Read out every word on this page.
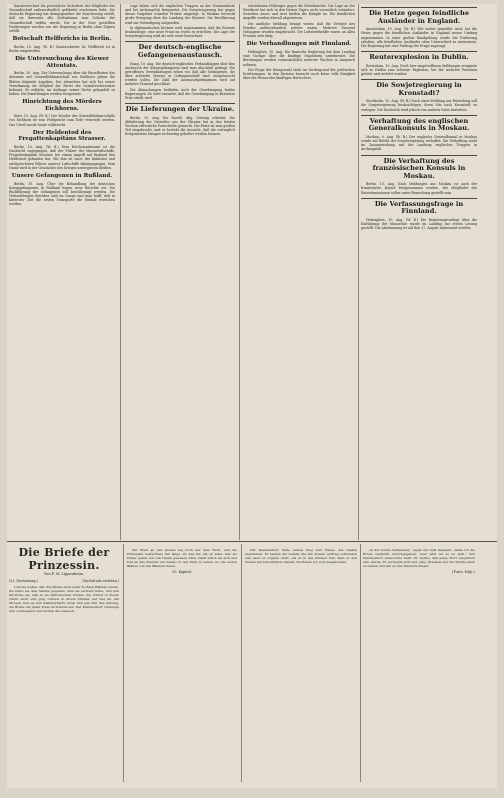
Kanzlerwechsel die persönliche Sicherheit der Mitglieder der Gesandtschaft außerordentlich gefährdet erscheinen ließe. Die deutsche Regierung hat demgegenüber die Zusicherung erteilt, daß sie ihrerseits alle Maßnahmen zum Schutze der Gesandtschaft treffen werde. Die in der Note gestellten Forderungen wurden von der Regierung in Berlin ohne Zögern erfüllt.

Botschaft Helfferichs in Berlin.

Berlin, 10. Aug. (W. B.) Staatssekretär Dr. Helfferich ist in Berlin eingetroffen.

Die Untersuchung des Kiewer Attentats.

Berlin, 10. Aug. Zur Untersuchung über die Einzelheiten des Attentats auf Generalfeldmarschall von Eichhorn geben die Blätter folgende Angaben. Der Attentäter hat sich bei seiner Vernehmung als Mitglied der Partei der Sozialrevolutionäre bekannt. Er erklärte, im Auftrage seiner Partei gehandelt zu haben. Die Ermittlungen werden fortgesetzt.

Hinrichtung des Mörders Eichhorns.

Kiew, 10. Aug. (W. B.) Der Mörder des Generalfeldmarschalls von Eichhorn ist vom Feldgericht zum Tode verurteilt worden. Das Urteil wurde heute vollstreckt.

Der Heldentod des Fregattenkapitäns Strasser.

Berlin, 10. Aug. (W. B.) Dem Reichsmarineamt ist die Nachricht zugegangen, daß der Führer der Marineluftschiffe, Fregattenkapitän Strasser, bei einem Angriff auf England den Heldentod gefunden hat. Mit ihm ist einer der kühnsten und erfolgreichsten Führer unserer Luftschiffe dahingegangen. Sein Name wird in der Geschichte des Krieges unvergessen bleiben.

Unsere Gefangenen in Rußland.

Berlin, 10. Aug. Über die Behandlung der deutschen Kriegsgefangenen in Rußland liegen neue Berichte vor. Die Rückführung der Gefangenen soll beschleunigt werden. Die Verhandlungen hierüber sind im Gange und man hofft, daß in kürzester Zeit die ersten Transporte die Heimat erreichen werden.

Lage haben sich die englischen Truppen an der Murmanküste und bei Archangelsk festgesetzt. Die Sowjetregierung hat gegen dieses Vorgehen scharfen Protest eingelegt. In Moskau herrscht große Erregung über die Landung der Entente. Die Bevölkerung wird zur Verteidigung aufgerufen.

In diplomatischen Kreisen wird angenommen, daß die Entente beabsichtige, eine neue Front im Osten zu errichten. Die Lage der Sowjetregierung wird als sehr ernst bezeichnet.

Der deutsch-englische Gefangenenaustausch.

Haag, 10. Aug. Die deutsch-englischen Verhandlungen über den Austausch der Kriegsgefangenen sind zum Abschluß gelangt. Die getroffenen Vereinbarungen sehen vor, daß alle Gefangenen, die über achtzehn Monate in Gefangenschaft sind, ausgetauscht werden sollen. Die Zahl der Austauschgefangenen wird auf mehrere Tausend geschätzt.

Die Abmachungen bedürfen noch der Genehmigung beider Regierungen. Es wird erwartet, daß die Genehmigung in kürzester Frist erteilt wird.

Die Lieferungen der Ukraine.

Berlin, 10. Aug. Die Nordd. Allg. Zeitung schreibt: Die Ablieferung des Getreides aus der Ukraine hat in den letzten Wochen erfreuliche Fortschritte gemacht. Die Ernte ist zum großen Teil eingebracht, und es besteht die Aussicht, daß die vertraglich festgesetzten Mengen rechtzeitig geliefert werden können.

schriebenen Feldzuges gegen die Mittelmächte. Die Lage an der Westfront hat sich in den letzten Tagen nicht wesentlich verändert. Zwischen Ancre und Avre hielten die Kämpfe an. Die feindlichen Angriffe wurden überall abgewiesen.

Die amtliche Meldung besagt weiter, daß die Verluste des Feindes außerordentlich schwer waren. Mehrere Tausend Gefangene wurden eingebracht. Die Luftstreitkräfte waren an allen Fronten sehr tätig.

Die Verhandlungen mit Finnland.

Helsingfors, 10. Aug. Die finnische Regierung hat dem Landtag eine Vorlage über die künftige Staatsform unterbreitet. Die Beratungen werden voraussichtlich mehrere Wochen in Anspruch nehmen.

Die Frage der Königswahl steht im Vordergrund der politischen Erörterungen. In den Parteien herrscht noch keine volle Einigkeit über die Person des künftigen Herrschers.

Die Hetze gegen feindliche Ausländer in England.

Amsterdam, 10. Aug. (W. B.) Wie weiter gemeldet wird, hat die Hetze gegen die feindlichen Ausländer in England neuen Umfang angenommen. In einer großen Kundgebung wurde die Forderung erhoben, alle feindlichen Ausländer ohne Unterschied zu internieren. Die Regierung hat eine Prüfung der Frage zugesagt.

Reuterexplosion in Dublin.

Rotterdam, 10. Aug. Nach hier eingetroffenen Meldungen ereignete sich in Dublin eine schwere Explosion, bei der mehrere Personen getötet und verletzt wurden.

Die Sowjetregierung in Kronstadt?

Stockholm, 10. Aug. (W. B.) Nach einer Meldung aus Petersburg soll die Sowjetregierung beabsichtigen, ihren Sitz nach Kronstadt zu verlegen. Die Nachricht wird jedoch von anderer Seite bestritten.

Verhaftung des englischen Generalkonsuls in Moskau.

Moskau, 9. Aug. (W. B.) Der englische Generalkonsul in Moskau wurde auf Befehl der Sowjetregierung verhaftet. Die Verhaftung steht im Zusammenhang mit der Landung englischer Truppen in Archangelsk.

Die Verhaftung des französischen Konsuls in Moskau.

Berlin, 10. Aug. Nach Meldungen aus Moskau ist auch der französische Konsul festgenommen worden. Die Mitglieder der Ententemissionen sollen unter Bewachung gestellt sein.

Die Verfassungsfrage in Finnland.

Helsingfors, 10. Aug. (W. B.) Die Regierungsvorlage über die Einführung der Monarchie wurde im Landtag zur ersten Lesung gestellt. Die Abstimmung ist auf den 27. August anberaumt worden.

Die Briefe der Prinzessin.
Von F. W. Lippenheim.
(23. Fortsetzung.)	(Nachdruck verboten.)

Und sie wußte, daß ihre Briefe nicht mehr in ihren Händen waren. Sie hatte sie dem Manne gegeben, dem sie vertraut hatte, und nun fürchtete sie, daß er sie mißbrauchen könnte. Sie schlief in dieser Nacht nicht und ging ruhelos in ihrem Zimmer auf und ab. Am Morgen ließ sie den Kammerherrn rufen und gab ihm den Auftrag, die Briefe um jeden Preis zurückzuholen. Der Kammerherr verneigte sich schweigend und verließ das Gemach.

Der Brief an den Grafen lag noch auf dem Tisch, und die Prinzessin betrachtete ihn lange. Es war ihr, als ob alles, was sie bisher getan, nur ein Traum gewesen wäre. Dann erhob sie sich und trat an das Fenster, um hinaus in den Park zu sehen, wo die ersten Blätter von den Bäumen fielen.

20. Kapitel.

Der Kammerherr hatte seinen Weg zum Hause des Grafen angetreten. Er kannte die Gefahr, die mit diesem Auftrag verbunden war, aber er zögerte nicht. Als er in das Zimmer trat, fand er den Grafen am Schreibtisch sitzend, die Briefe vor sich ausgebreitet.

„In der ersten Verfassung“, sagte der Graf langsam, „hätte ich die Briefe vielleicht zurückgegeben. Aber jetzt ist es zu spät.“ Der Kammerherr antwortete nicht. Er wußte, daß jedes Wort vergeblich sein würde. Er verneigte sich und ging. Draußen auf der Straße blieb er stehen und sah zu den Fenstern hinauf.

(Forts. folgt.)
